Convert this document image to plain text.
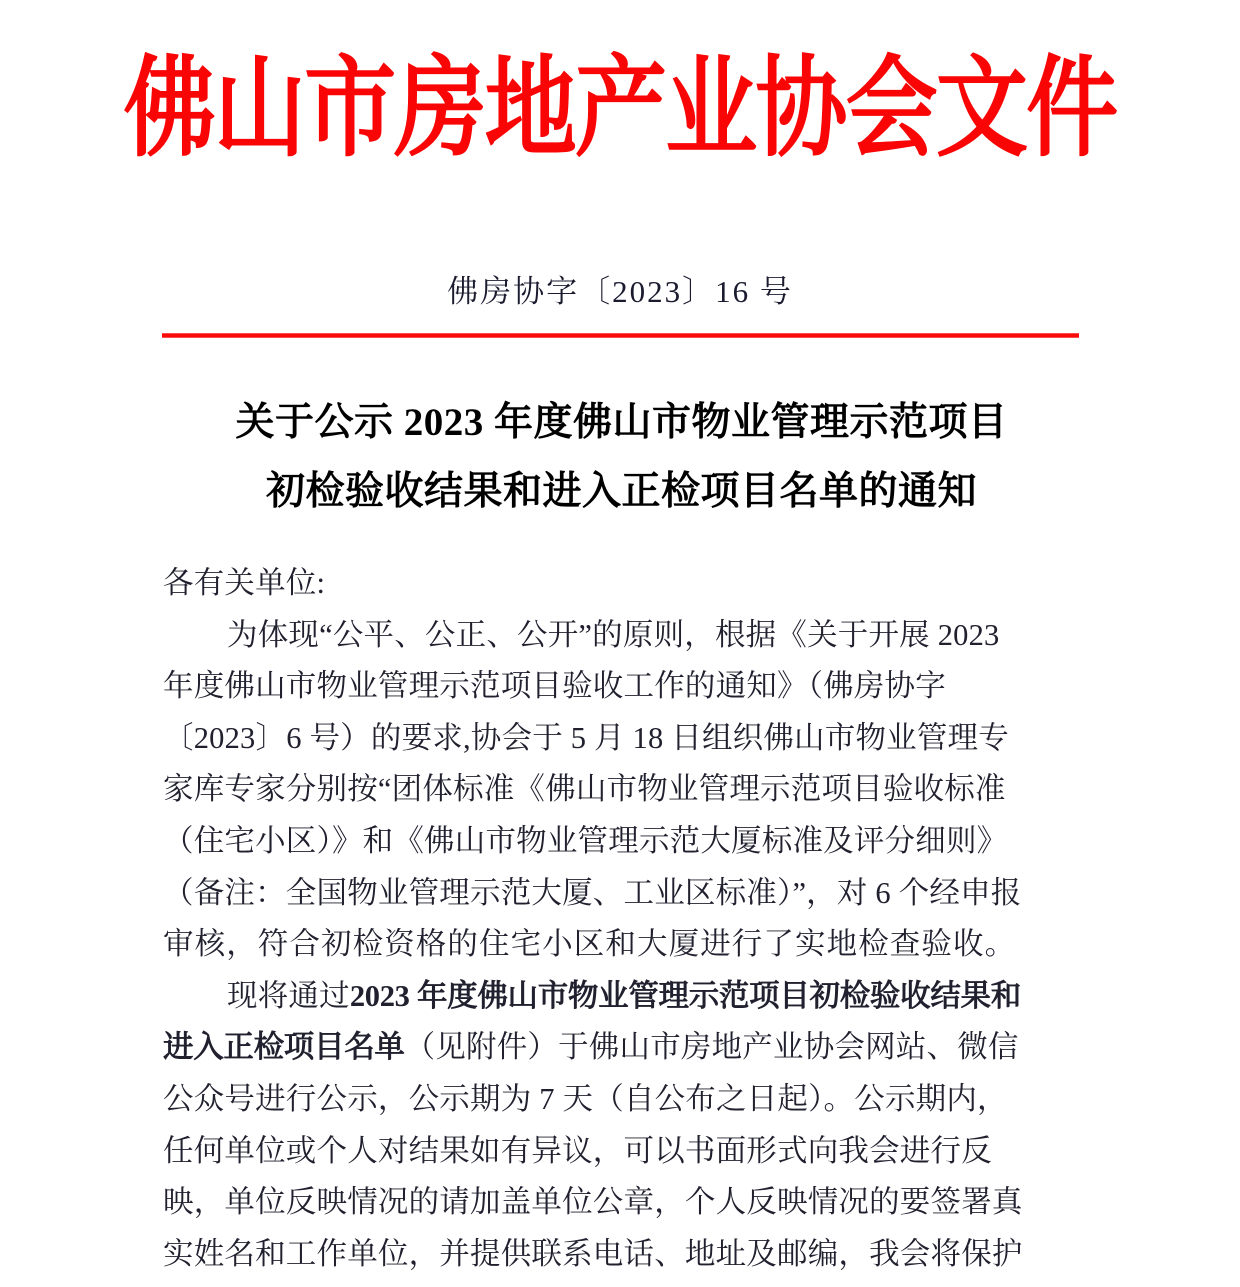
佛山市房地产业协会文件
佛房协字〔2023〕16 号
关于公示 2023 年度佛山市物业管理示范项目
初检验收结果和进入正检项目名单的通知
各有关单位:
为体现“公平、公正、公开”的原则，根据《关于开展 2023
年度佛山市物业管理示范项目验收工作的通知》（佛房协字
〔2023〕6 号）的要求,协会于 5 月 18 日组织佛山市物业管理专
家库专家分别按“团体标准《佛山市物业管理示范项目验收标准
（住宅小区）》和《佛山市物业管理示范大厦标准及评分细则》
（备注：全国物业管理示范大厦、工业区标准）”，对 6 个经申报
审核，符合初检资格的住宅小区和大厦进行了实地检查验收。
现将通过2023 年度佛山市物业管理示范项目初检验收结果和
进入正检项目名单（见附件）于佛山市房地产业协会网站、微信
公众号进行公示，公示期为 7 天（自公布之日起）。公示期内，
任何单位或个人对结果如有异议，可以书面形式向我会进行反
映，单位反映情况的请加盖单位公章，个人反映情况的要签署真
实姓名和工作单位，并提供联系电话、地址及邮编，我会将保护
